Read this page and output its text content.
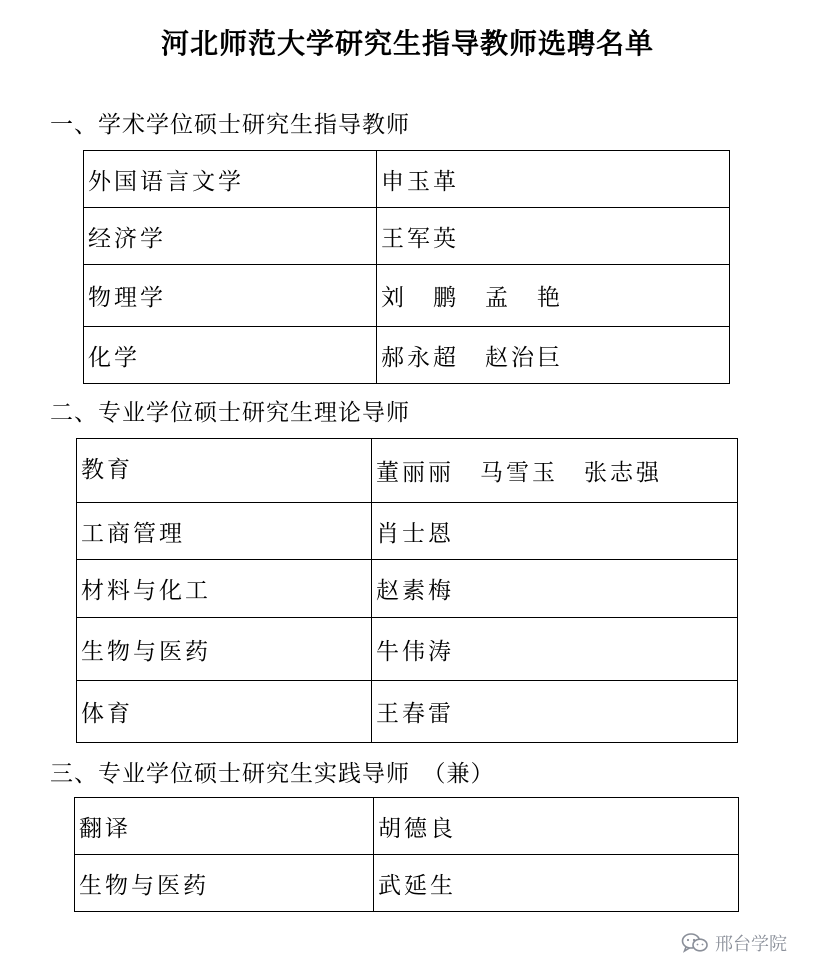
河北师范大学研究生指导教师选聘名单
一、学术学位硕士研究生指导教师
外国语言文学	申玉革
经济学	王军英
物理学	刘　鹏　孟　艳
化学	郝永超　赵治巨
二、专业学位硕士研究生理论导师
教育	董丽丽　马雪玉　张志强
工商管理	肖士恩
材料与化工	赵素梅
生物与医药	牛伟涛
体育	王春雷
三、专业学位硕士研究生实践导师　（兼）
翻译	胡德良
生物与医药	武延生
邢台学院
